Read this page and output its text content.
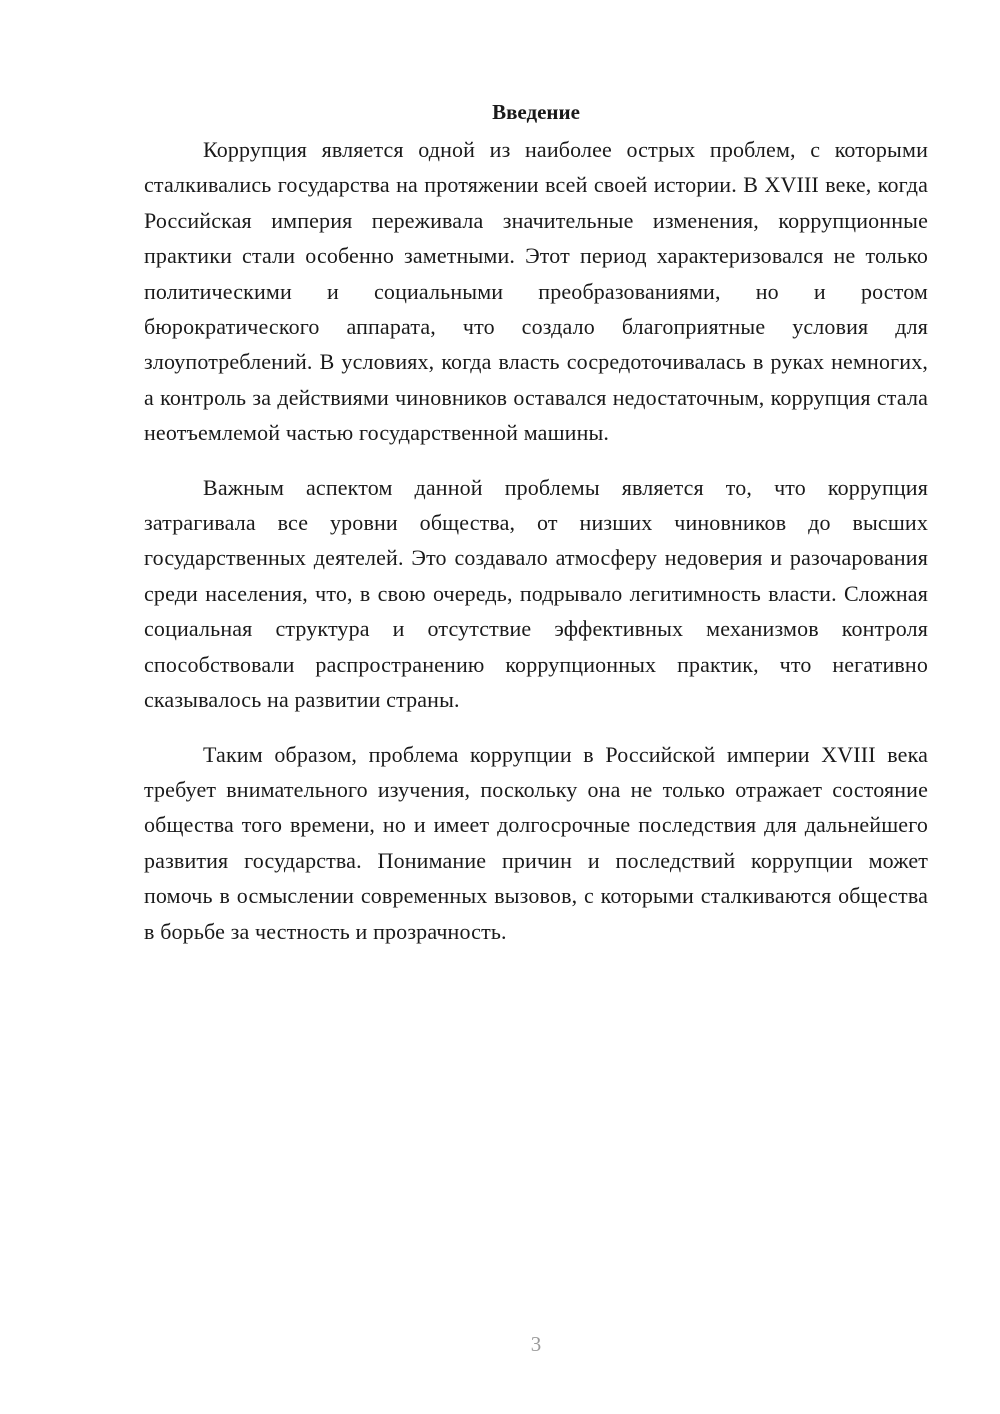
Введение

Коррупция является одной из наиболее острых проблем, с которыми сталкивались государства на протяжении всей своей истории. В XVIII веке, когда Российская империя переживала значительные изменения, коррупционные практики стали особенно заметными. Этот период характеризовался не только политическими и социальными преобразованиями, но и ростом бюрократического аппарата, что создало благоприятные условия для злоупотреблений. В условиях, когда власть сосредоточивалась в руках немногих, а контроль за действиями чиновников оставался недостаточным, коррупция стала неотъемлемой частью государственной машины.

Важным аспектом данной проблемы является то, что коррупция затрагивала все уровни общества, от низших чиновников до высших государственных деятелей. Это создавало атмосферу недоверия и разочарования среди населения, что, в свою очередь, подрывало легитимность власти. Сложная социальная структура и отсутствие эффективных механизмов контроля способствовали распространению коррупционных практик, что негативно сказывалось на развитии страны.

Таким образом, проблема коррупции в Российской империи XVIII века требует внимательного изучения, поскольку она не только отражает состояние общества того времени, но и имеет долгосрочные последствия для дальнейшего развития государства. Понимание причин и последствий коррупции может помочь в осмыслении современных вызовов, с которыми сталкиваются общества в борьбе за честность и прозрачность.

3
